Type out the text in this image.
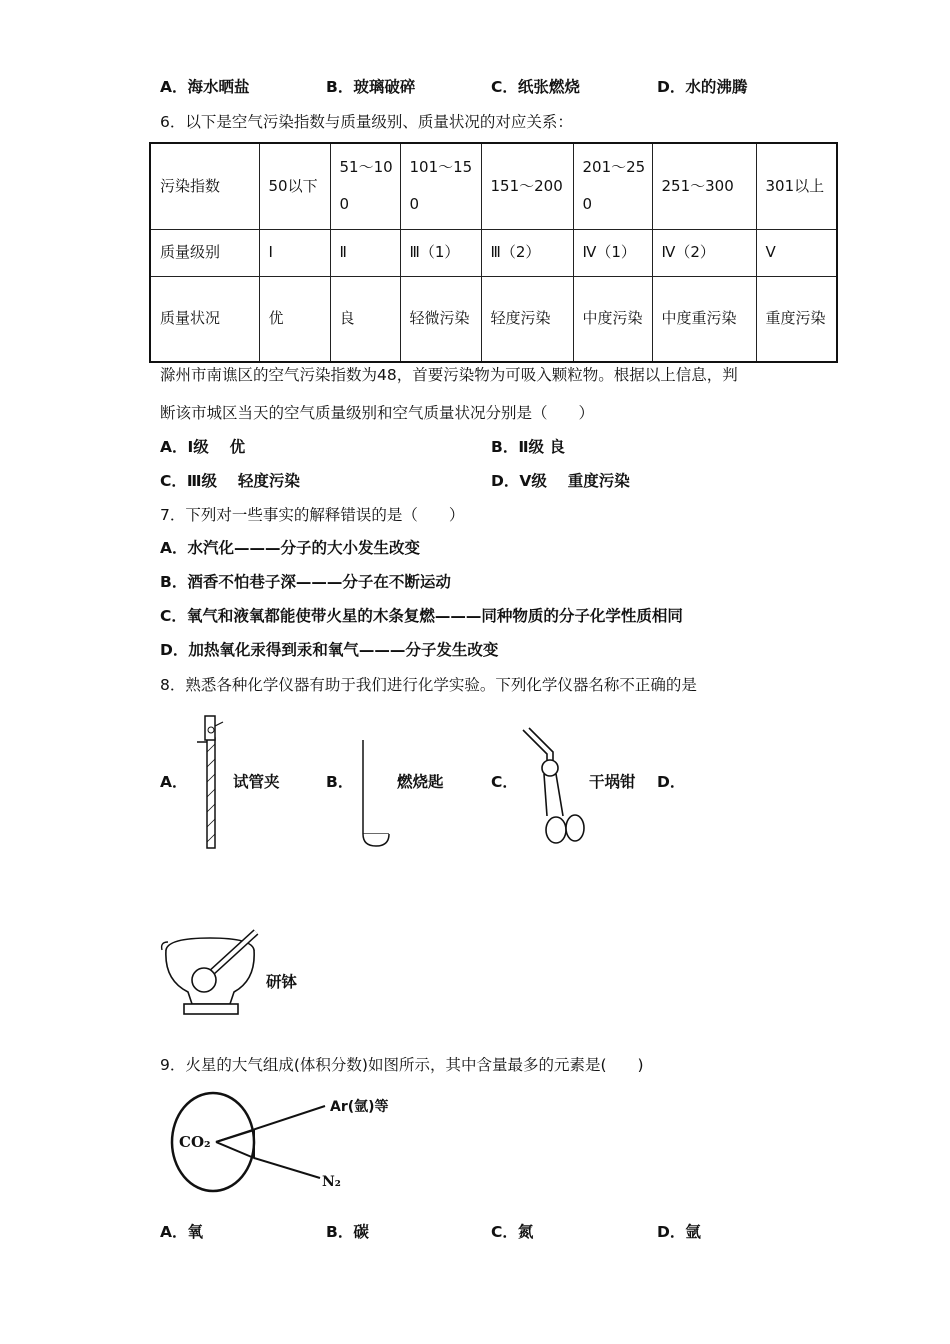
A．海水晒盐	B．玻璃破碎	C．纸张燃烧	D．水的沸腾
6．以下是空气污染指数与质量级别、质量状况的对应关系：
污染指数	50以下	51～100	101～150	151～200	201～250	251～300	301以上
质量级别	Ⅰ	Ⅱ	Ⅲ（1）	Ⅲ（2）	Ⅳ（1）	Ⅳ（2）	Ⅴ
质量状况	优	良	轻微污染	轻度污染	中度污染	中度重污染	重度污染
滁州市南谯区的空气污染指数为48，首要污染物为可吸入颗粒物。根据以上信息，判
断该市城区当天的空气质量级别和空气质量状况分别是（　　）
A．Ⅰ级　 优	B．Ⅱ级 良
C．Ⅲ级　 轻度污染	D．Ⅴ级　 重度污染
7．下列对一些事实的解释错误的是（　　）
A．水汽化———分子的大小发生改变
B．酒香不怕巷子深———分子在不断运动
C．氧气和液氧都能使带火星的木条复燃———同种物质的分子化学性质相同
D．加热氧化汞得到汞和氧气———分子发生改变
8．熟悉各种化学仪器有助于我们进行化学实验。下列化学仪器名称不正确的是
A．	试管夹	B．	燃烧匙	C．	干埚钳 D．
研钵
9．火星的大气组成(体积分数)如图所示，其中含量最多的元素是(　　)
CO₂
Ar(氩)等
N₂
A．氧	B．碳	C．氮	D．氩
